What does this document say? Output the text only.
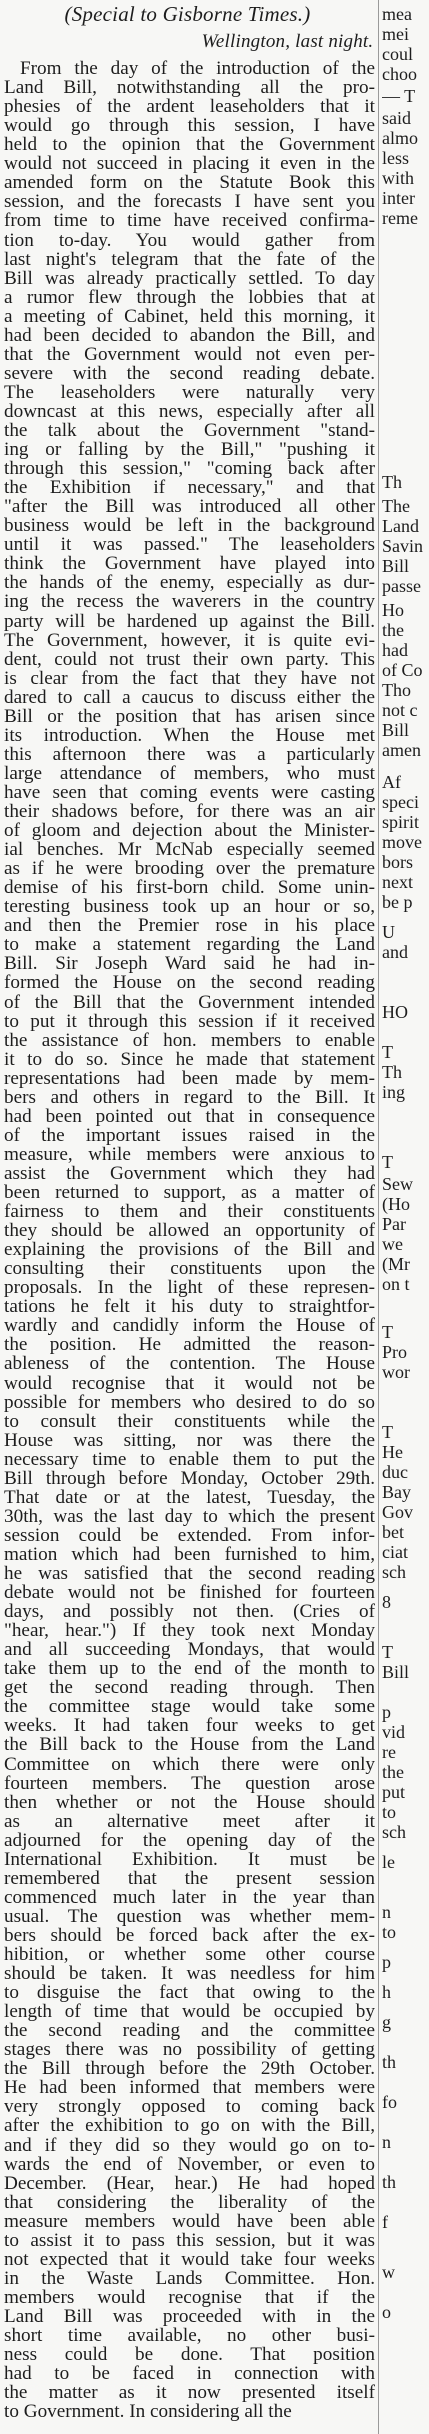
(Special to Gisborne Times.)
Wellington, last night.
From the day of the introduction of the
Land Bill, notwithstanding all the pro-
phesies of the ardent leaseholders that it
would go through this session, I have
held to the opinion that the Government
would not succeed in placing it even in the
amended form on the Statute Book this
session, and the forecasts I have sent you
from time to time have received confirma-
tion to-day. You would gather from
last night's telegram that the fate of the
Bill was already practically settled. To day
a rumor flew through the lobbies that at
a meeting of Cabinet, held this morning, it
had been decided to abandon the Bill, and
that the Government would not even per-
severe with the second reading debate.
The leaseholders were naturally very
downcast at this news, especially after all
the talk about the Government "stand-
ing or falling by the Bill," "pushing it
through this session," "coming back after
the Exhibition if necessary," and that
"after the Bill was introduced all other
business would be left in the background
until it was passed." The leaseholders
think the Government have played into
the hands of the enemy, especially as dur-
ing the recess the waverers in the country
party will be hardened up against the Bill.
The Government, however, it is quite evi-
dent, could not trust their own party. This
is clear from the fact that they have not
dared to call a caucus to discuss either the
Bill or the position that has arisen since
its introduction. When the House met
this afternoon there was a particularly
large attendance of members, who must
have seen that coming events were casting
their shadows before, for there was an air
of gloom and dejection about the Minister-
ial benches. Mr McNab especially seemed
as if he were brooding over the premature
demise of his first-born child. Some unin-
teresting business took up an hour or so,
and then the Premier rose in his place
to make a statement regarding the Land
Bill. Sir Joseph Ward said he had in-
formed the House on the second reading
of the Bill that the Government intended
to put it through this session if it received
the assistance of hon. members to enable
it to do so. Since he made that statement
representations had been made by mem-
bers and others in regard to the Bill. It
had been pointed out that in consequence
of the important issues raised in the
measure, while members were anxious to
assist the Government which they had
been returned to support, as a matter of
fairness to them and their constituents
they should be allowed an opportunity of
explaining the provisions of the Bill and
consulting their constituents upon the
proposals. In the light of these represen-
tations he felt it his duty to straightfor-
wardly and candidly inform the House of
the position. He admitted the reason-
ableness of the contention. The House
would recognise that it would not be
possible for members who desired to do so
to consult their constituents while the
House was sitting, nor was there the
necessary time to enable them to put the
Bill through before Monday, October 29th.
That date or at the latest, Tuesday, the
30th, was the last day to which the present
session could be extended. From infor-
mation which had been furnished to him,
he was satisfied that the second reading
debate would not be finished for fourteen
days, and possibly not then. (Cries of
"hear, hear.") If they took next Monday
and all succeeding Mondays, that would
take them up to the end of the month to
get the second reading through. Then
the committee stage would take some
weeks. It had taken four weeks to get
the Bill back to the House from the Land
Committee on which there were only
fourteen members. The question arose
then whether or not the House should
as an alternative meet after it
adjourned for the opening day of the
International Exhibition. It must be
remembered that the present session
commenced much later in the year than
usual. The question was whether mem-
bers should be forced back after the ex-
hibition, or whether some other course
should be taken. It was needless for him
to disguise the fact that owing to the
length of time that would be occupied by
the second reading and the committee
stages there was no possibility of getting
the Bill through before the 29th October.
He had been informed that members were
very strongly opposed to coming back
after the exhibition to go on with the Bill,
and if they did so they would go on to-
wards the end of November, or even to
December. (Hear, hear.) He had hoped
that considering the liberality of the
measure members would have been able
to assist it to pass this session, but it was
not expected that it would take four weeks
in the Waste Lands Committee. Hon.
members would recognise that if the
Land Bill was proceeded with in the
short time available, no other busi-
ness could be done. That position
had to be faced in connection with
the matter as it now presented itself
to Government. In considering all the
mea
mei
coul
choo
— T
said
almo
less
with
inter
reme
Th
The
Land
Savin
Bill
passe
Ho
the
had
of Co
Tho
not c
Bill
amen
Af
speci
spirit
move
bors
next
be p
U
and
HO
T
Th
ing
T
Sew
(Ho
Par
we
(Mr
on t
T
Pro
wor
T
He
duc
Bay
Gov
bet
ciat
sch
8
T
Bill
p
vid
re
the
put
to
sch
le
n
to
p
h
g
th
fo
n
th
f
w
o
